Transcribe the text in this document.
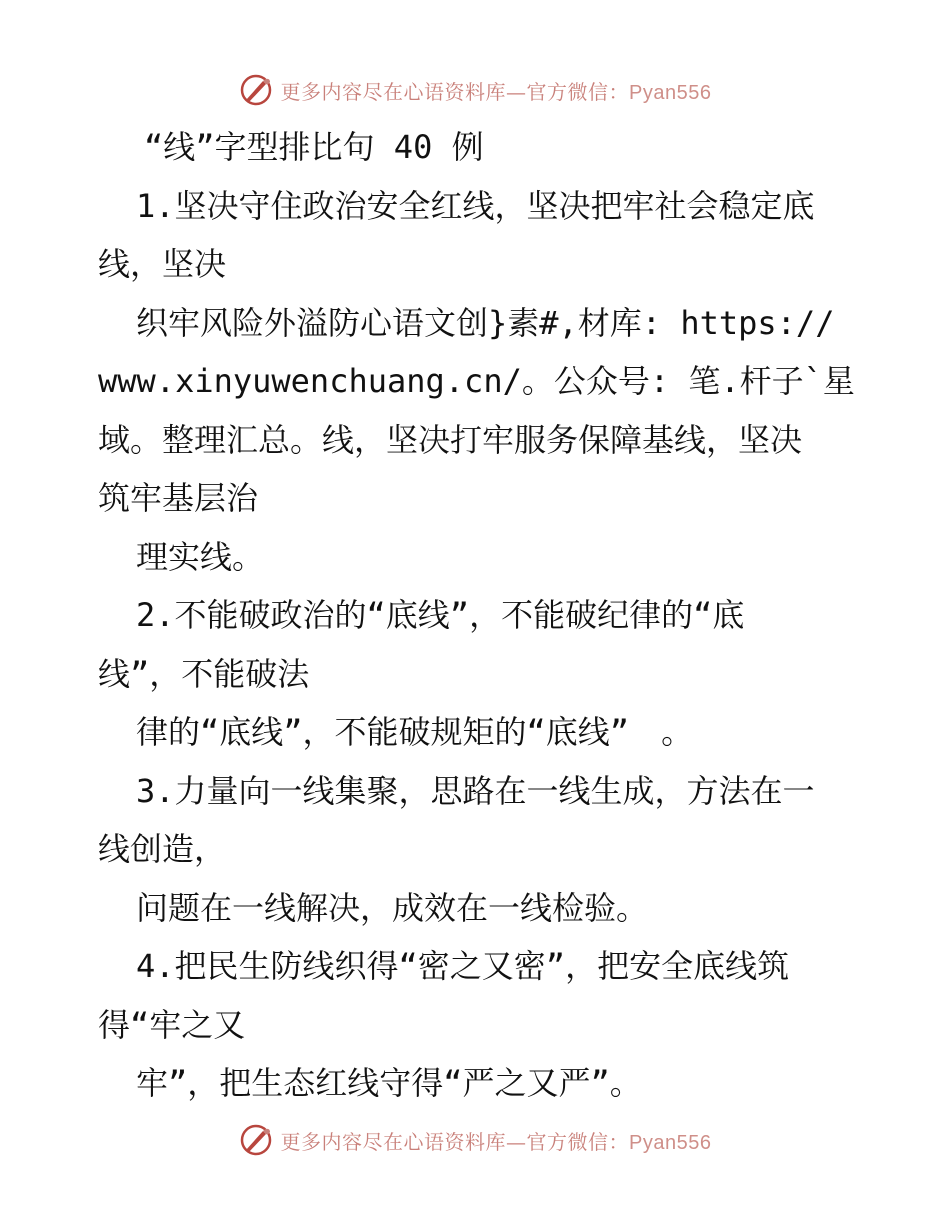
更多内容尽在心语资料库—官方微信：Pyan556
“线”字型排比句 40 例
1.坚决守住政治安全红线，坚决把牢社会稳定底
线，坚决
织牢风险外溢防心语文创}素#,材库: https://
www.xinyuwenchuang.cn/。公众号: 笔.杆子`星
域。整理汇总。线，坚决打牢服务保障基线，坚决
筑牢基层治
理实线。
2.不能破政治的“底线”，不能破纪律的“底
线”，不能破法
律的“底线”，不能破规矩的“底线”　。
3.力量向一线集聚，思路在一线生成，方法在一
线创造，
问题在一线解决，成效在一线检验。
4.把民生防线织得“密之又密”，把安全底线筑
得“牢之又
牢”，把生态红线守得“严之又严”。
更多内容尽在心语资料库—官方微信：Pyan556
